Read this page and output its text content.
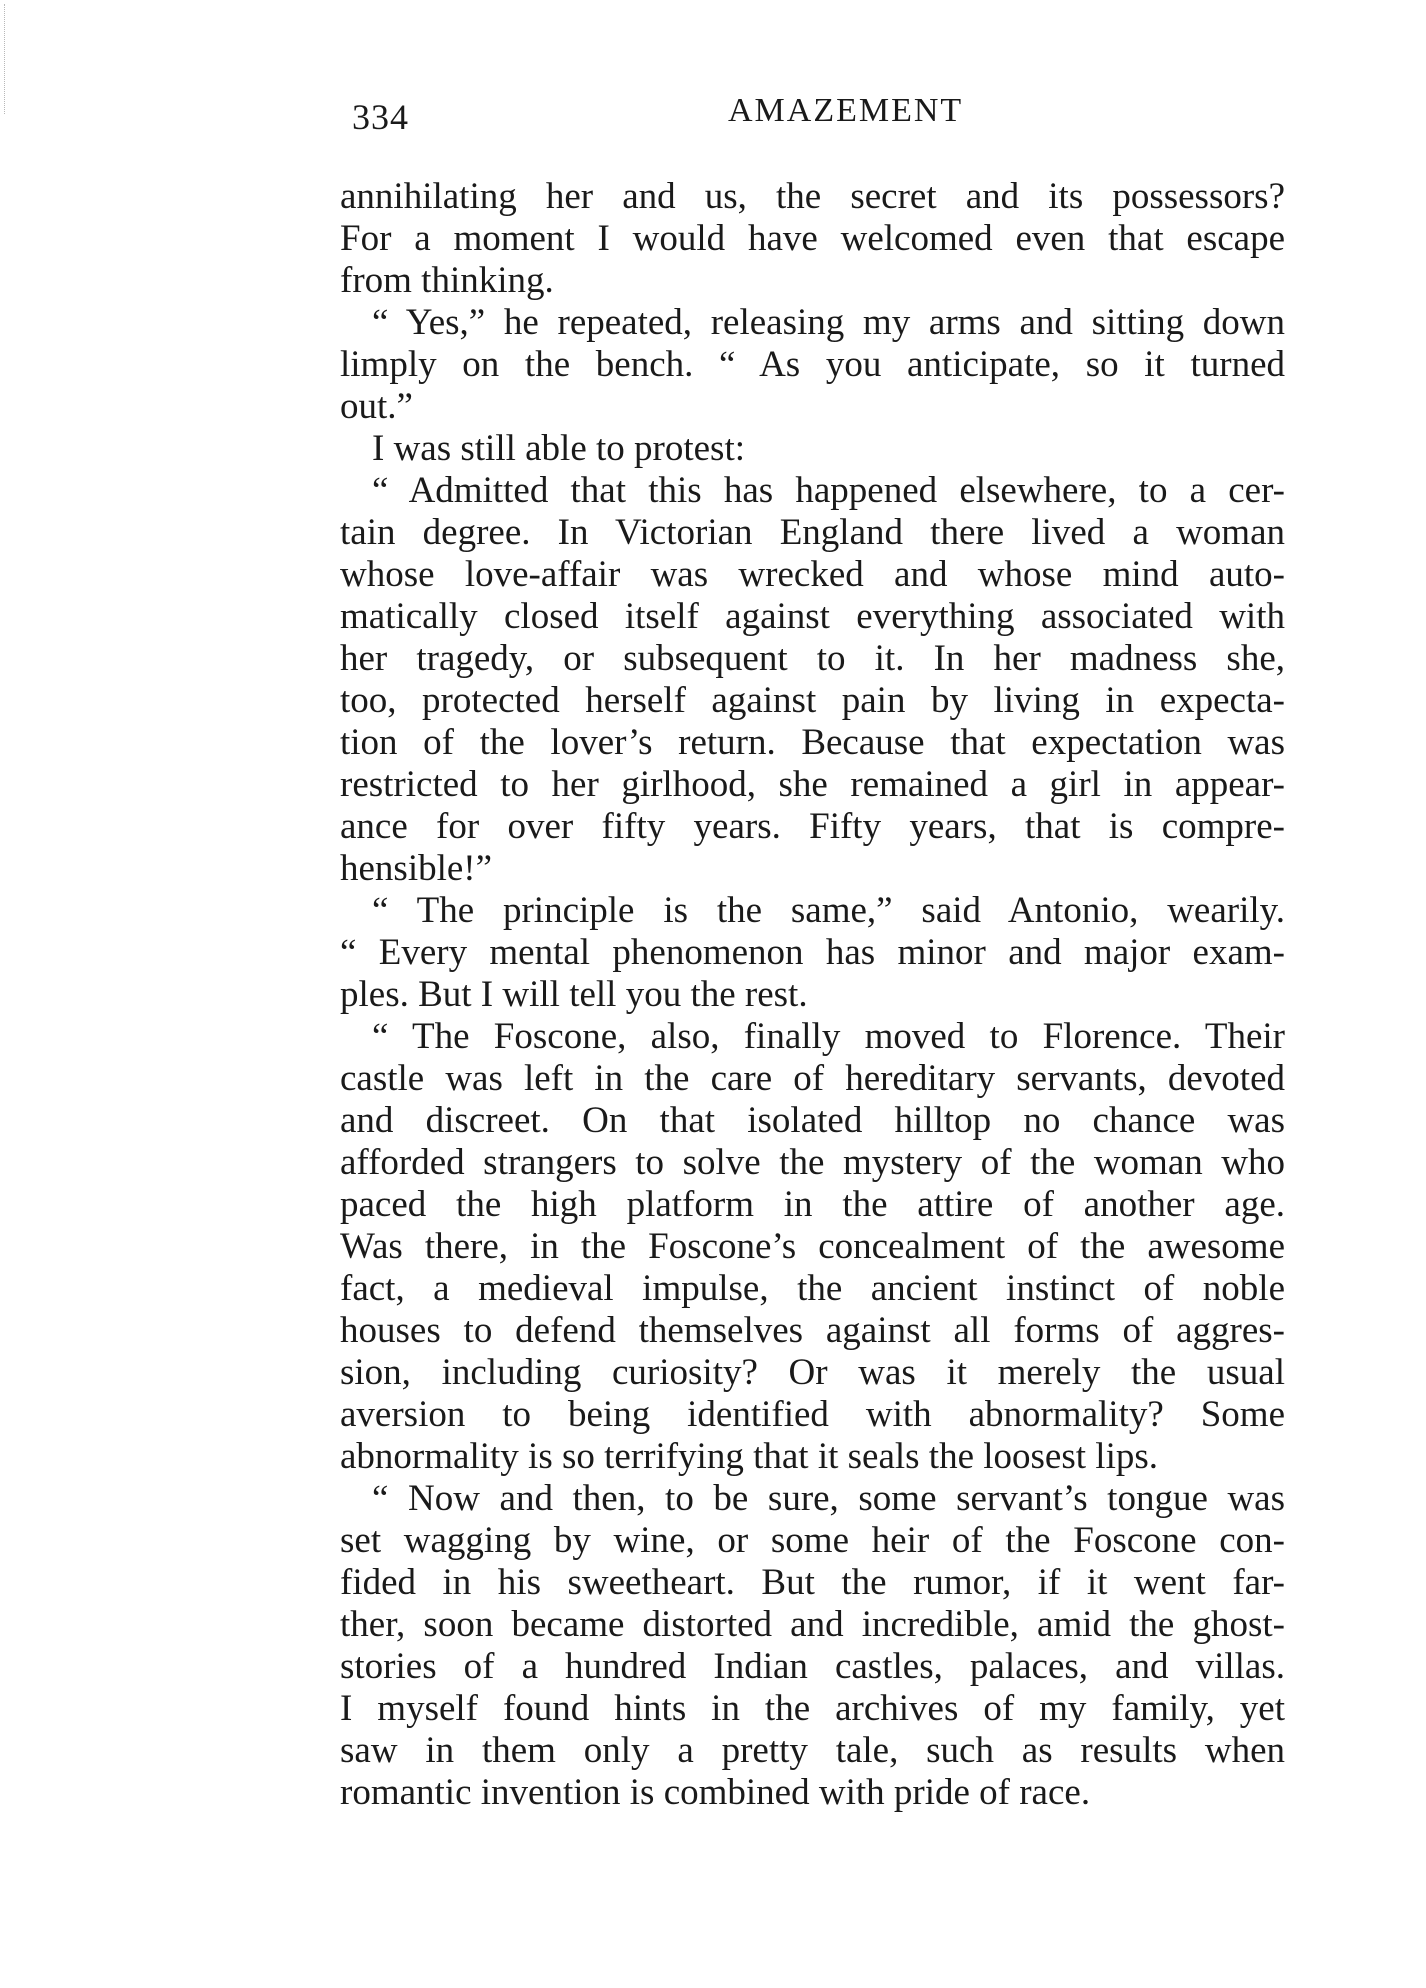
334	AMAZEMENT
annihilating her and us, the secret and its possessors?
For a moment I would have welcomed even that escape
from thinking.
“ Yes,” he repeated, releasing my arms and sitting down
limply on the bench. “ As you anticipate, so it turned
out.”
I was still able to protest:
“ Admitted that this has happened elsewhere, to a cer-
tain degree. In Victorian England there lived a woman
whose love-affair was wrecked and whose mind auto-
matically closed itself against everything associated with
her tragedy, or subsequent to it. In her madness she,
too, protected herself against pain by living in expecta-
tion of the lover’s return. Because that expectation was
restricted to her girlhood, she remained a girl in appear-
ance for over fifty years. Fifty years, that is compre-
hensible!”
“ The principle is the same,” said Antonio, wearily.
“ Every mental phenomenon has minor and major exam-
ples. But I will tell you the rest.
“ The Foscone, also, finally moved to Florence. Their
castle was left in the care of hereditary servants, devoted
and discreet. On that isolated hilltop no chance was
afforded strangers to solve the mystery of the woman who
paced the high platform in the attire of another age.
Was there, in the Foscone’s concealment of the awesome
fact, a medieval impulse, the ancient instinct of noble
houses to defend themselves against all forms of aggres-
sion, including curiosity? Or was it merely the usual
aversion to being identified with abnormality? Some
abnormality is so terrifying that it seals the loosest lips.
“ Now and then, to be sure, some servant’s tongue was
set wagging by wine, or some heir of the Foscone con-
fided in his sweetheart. But the rumor, if it went far-
ther, soon became distorted and incredible, amid the ghost-
stories of a hundred Indian castles, palaces, and villas.
I myself found hints in the archives of my family, yet
saw in them only a pretty tale, such as results when
romantic invention is combined with pride of race.
